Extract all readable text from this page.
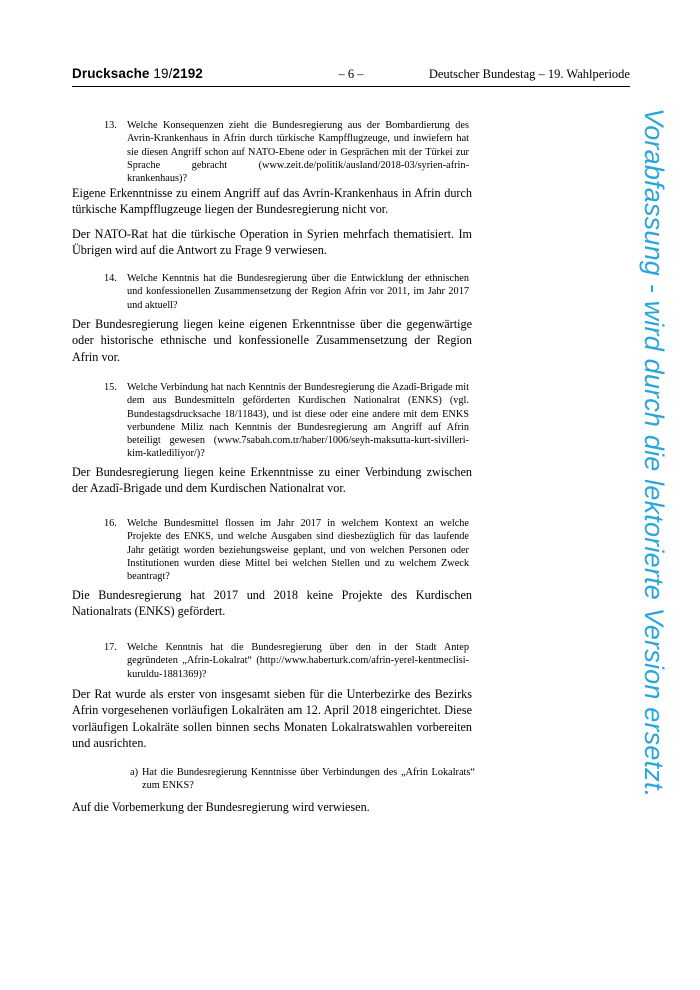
Drucksache 19/2192	– 6 –	Deutscher Bundestag – 19. Wahlperiode
13. Welche Konsequenzen zieht die Bundesregierung aus der Bombardierung des Avrin-Krankenhaus in Afrin durch türkische Kampfflugzeuge, und inwiefern hat sie diesen Angriff schon auf NATO-Ebene oder in Gesprächen mit der Türkei zur Sprache gebracht (www.zeit.de/politik/ausland/2018-03/syrien-afrin-krankenhaus)?
Eigene Erkenntnisse zu einem Angriff auf das Avrin-Krankenhaus in Afrin durch türkische Kampfflugzeuge liegen der Bundesregierung nicht vor.
Der NATO-Rat hat die türkische Operation in Syrien mehrfach thematisiert. Im Übrigen wird auf die Antwort zu Frage 9 verwiesen.
14. Welche Kenntnis hat die Bundesregierung über die Entwicklung der ethnischen und konfessionellen Zusammensetzung der Region Afrin vor 2011, im Jahr 2017 und aktuell?
Der Bundesregierung liegen keine eigenen Erkenntnisse über die gegenwärtige oder historische ethnische und konfessionelle Zusammensetzung der Region Afrin vor.
15. Welche Verbindung hat nach Kenntnis der Bundesregierung die Azadî-Brigade mit dem aus Bundesmitteln geförderten Kurdischen Nationalrat (ENKS) (vgl. Bundestagsdrucksache 18/11843), und ist diese oder eine andere mit dem ENKS verbundene Miliz nach Kenntnis der Bundesregierung am Angriff auf Afrin beteiligt gewesen (www.7sabah.com.tr/haber/1006/seyh-maksutta-kurt-sivilleri-kim-katlediliyor/)?
Der Bundesregierung liegen keine Erkenntnisse zu einer Verbindung zwischen der Azadî-Brigade und dem Kurdischen Nationalrat vor.
16. Welche Bundesmittel flossen im Jahr 2017 in welchem Kontext an welche Projekte des ENKS, und welche Ausgaben sind diesbezüglich für das laufende Jahr getätigt worden beziehungsweise geplant, und von welchen Personen oder Institutionen wurden diese Mittel bei welchen Stellen und zu welchem Zweck beantragt?
Die Bundesregierung hat 2017 und 2018 keine Projekte des Kurdischen Nationalrats (ENKS) gefördert.
17. Welche Kenntnis hat die Bundesregierung über den in der Stadt Antep gegründeten „Afrin-Lokalrat“ (http://www.haberturk.com/afrin-yerel-kentmeclisi-kuruldu-1881369)?
Der Rat wurde als erster von insgesamt sieben für die Unterbezirke des Bezirks Afrin vorgesehenen vorläufigen Lokalräten am 12. April 2018 eingerichtet. Diese vorläufigen Lokalräte sollen binnen sechs Monaten Lokalratswahlen vorbereiten und ausrichten.
a) Hat die Bundesregierung Kenntnisse über Verbindungen des „Afrin Lokalrats“ zum ENKS?
Auf die Vorbemerkung der Bundesregierung wird verwiesen.
Vorabfassung - wird durch die lektorierte Version ersetzt.
